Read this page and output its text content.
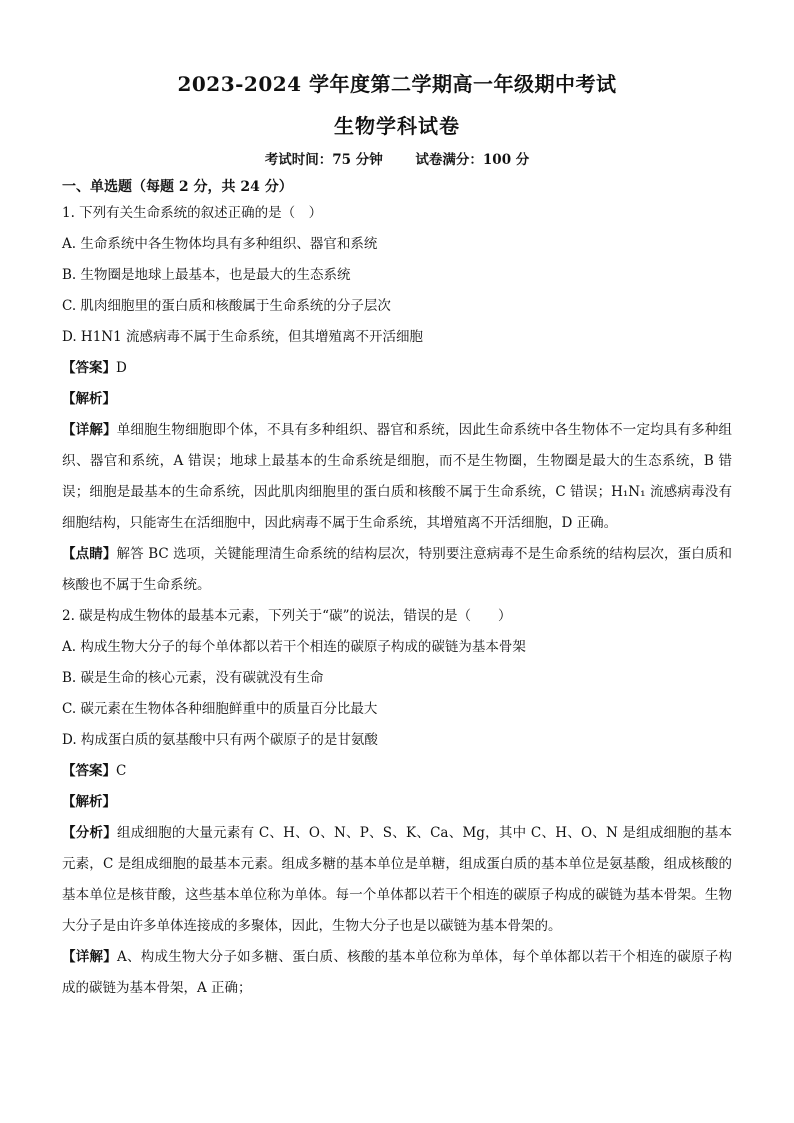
2023-2024 学年度第二学期高一年级期中考试
生物学科试卷
考试时间：75 分钟 试卷满分：100 分
一、单选题（每题 2 分，共 24 分）
1. 下列有关生命系统的叙述正确的是（　）
A. 生命系统中各生物体均具有多种组织、器官和系统
B. 生物圈是地球上最基本，也是最大的生态系统
C. 肌肉细胞里的蛋白质和核酸属于生命系统的分子层次
D. H1N1 流感病毒不属于生命系统，但其增殖离不开活细胞
【答案】D
【解析】
【详解】单细胞生物细胞即个体，不具有多种组织、器官和系统，因此生命系统中各生物体不一定均具有多种组织、器官和系统，A 错误；地球上最基本的生命系统是细胞，而不是生物圈，生物圈是最大的生态系统，B 错误；细胞是最基本的生命系统，因此肌肉细胞里的蛋白质和核酸不属于生命系统，C 错误；H₁N₁ 流感病毒没有细胞结构，只能寄生在活细胞中，因此病毒不属于生命系统，其增殖离不开活细胞，D 正确。
【点睛】解答 BC 选项，关键能理清生命系统的结构层次，特别要注意病毒不是生命系统的结构层次，蛋白质和核酸也不属于生命系统。
2. 碳是构成生物体的最基本元素，下列关于“碳”的说法，错误的是（　　）
A. 构成生物大分子的每个单体都以若干个相连的碳原子构成的碳链为基本骨架
B. 碳是生命的核心元素，没有碳就没有生命
C. 碳元素在生物体各种细胞鲜重中的质量百分比最大
D. 构成蛋白质的氨基酸中只有两个碳原子的是甘氨酸
【答案】C
【解析】
【分析】组成细胞的大量元素有 C、H、O、N、P、S、K、Ca、Mg，其中 C、H、O、N 是组成细胞的基本元素，C 是组成细胞的最基本元素。组成多糖的基本单位是单糖，组成蛋白质的基本单位是氨基酸，组成核酸的基本单位是核苷酸，这些基本单位称为单体。每一个单体都以若干个相连的碳原子构成的碳链为基本骨架。生物大分子是由许多单体连接成的多聚体，因此，生物大分子也是以碳链为基本骨架的。
【详解】A、构成生物大分子如多糖、蛋白质、核酸的基本单位称为单体，每个单体都以若干个相连的碳原子构成的碳链为基本骨架，A 正确；
